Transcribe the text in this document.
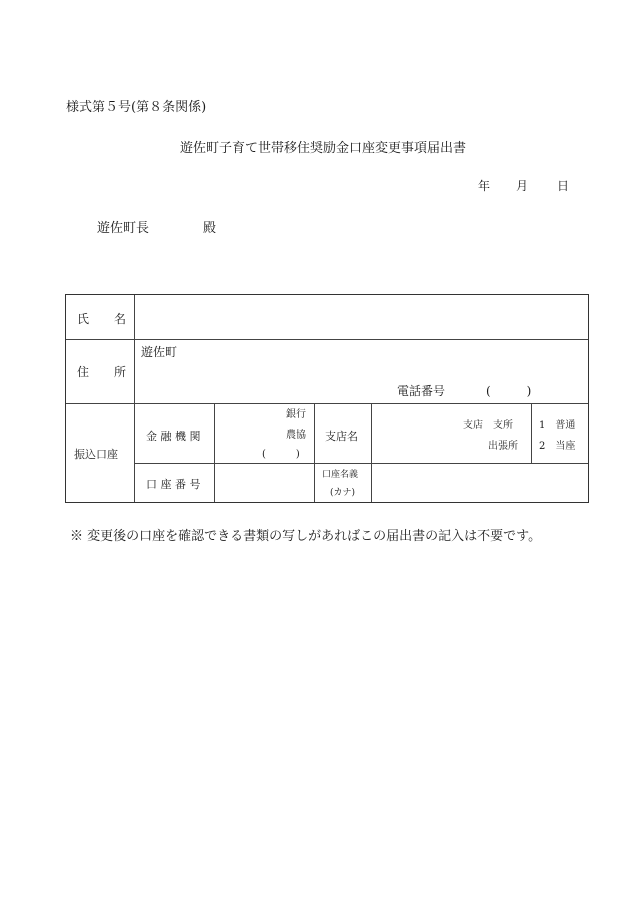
様式第５号(第８条関係)
遊佐町子育て世帯移住奨励金口座変更事項届出書
年 月 日
遊佐町長	殿
氏 名
住 所
遊佐町
電話番号	(　　　)
振込口座
金 融 機 関
銀行
農協
(　　　)
支店名
支店　支所
出張所
1　普通
2　当座
口 座 番 号
口座名義
(カナ)
※ 変更後の口座を確認できる書類の写しがあればこの届出書の記入は不要です。
